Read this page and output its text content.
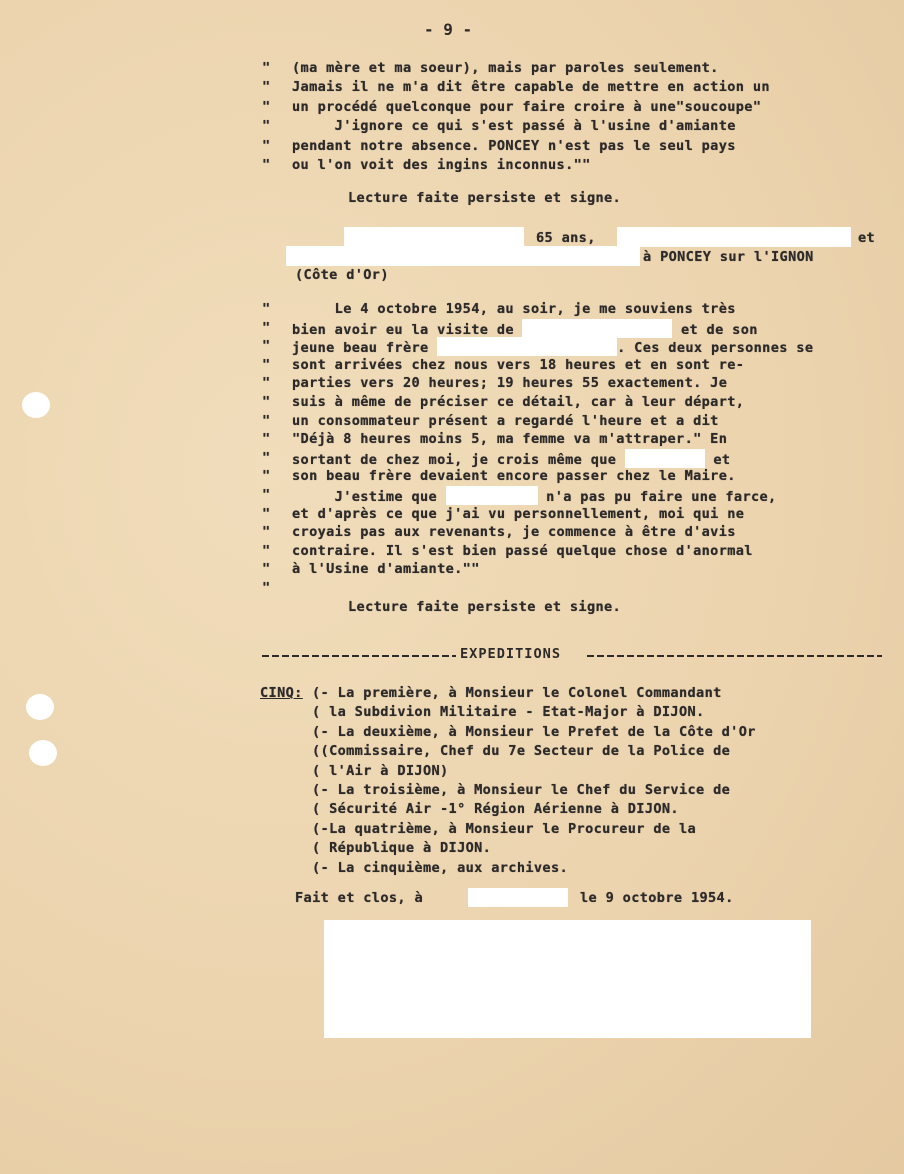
- 9 -

" (ma mère et ma soeur), mais par paroles seulement.

" Jamais il ne m'a dit être capable de mettre en action un

" un procédé quelconque pour faire croire à une"soucoupe"

" J'ignore ce qui s'est passé à l'usine d'amiante

" pendant notre absence. PONCEY n'est pas le seul pays

" ou l'on voit des ingins inconnus.""

Lecture faite persiste et signe.

65 ans,	et

à PONCEY sur l'IGNON

(Côte d'Or)

" Le 4 octobre 1954, au soir, je me souviens très

" bien avoir eu la visite de	et de son

" jeune beau frère	. Ces deux personnes se

" sont arrivées chez nous vers 18 heures et en sont re-

" parties vers 20 heures; 19 heures 55 exactement. Je

" suis à même de préciser ce détail, car à leur départ,

" un consommateur présent a regardé l'heure et a dit

" "Déjà 8 heures moins 5, ma femme va m'attraper." En

" sortant de chez moi, je crois même que	et

" son beau frère devaient encore passer chez le Maire.

" J'estime que	n'a pas pu faire une farce,

" et d'après ce que j'ai vu personnellement, moi qui ne

" croyais pas aux revenants, je commence à être d'avis

" contraire. Il s'est bien passé quelque chose d'anormal

" à l'Usine d'amiante.""

"

Lecture faite persiste et signe.

EXPEDITIONS

CINQ: (- La première, à Monsieur le Colonel Commandant

( la Subdivion Militaire - Etat-Major à DIJON.

(- La deuxième, à Monsieur le Prefet de la Côte d'Or

((Commissaire, Chef du 7e Secteur de la Police de

( l'Air à DIJON)

(- La troisième, à Monsieur le Chef du Service de

( Sécurité Air -1° Région Aérienne à DIJON.

(-La quatrième, à Monsieur le Procureur de la

( République à DIJON.

(- La cinquième, aux archives.

Fait et clos, à	le 9 octobre 1954.
